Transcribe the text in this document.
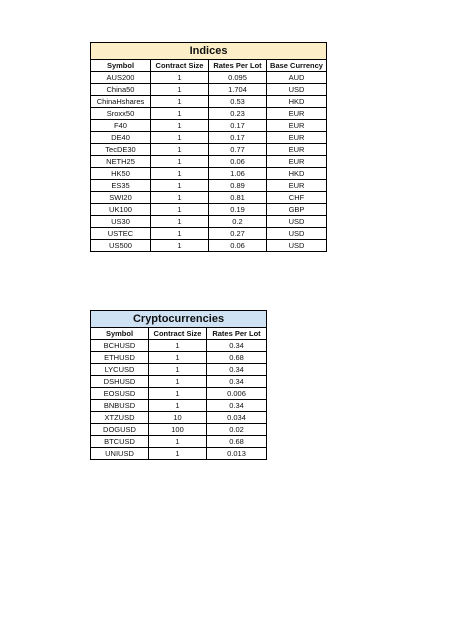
Indices			
Symbol	Contract Size	Rates Per Lot	Base Currency
AUS200	1	0.095	AUD
China50	1	1.704	USD
ChinaHshares	1	0.53	HKD
Sroxx50	1	0.23	EUR
F40	1	0.17	EUR
DE40	1	0.17	EUR
TecDE30	1	0.77	EUR
NETH25	1	0.06	EUR
HK50	1	1.06	HKD
ES35	1	0.89	EUR
SWI20	1	0.81	CHF
UK100	1	0.19	GBP
US30	1	0.2	USD
USTEC	1	0.27	USD
US500	1	0.06	USD
Cryptocurrencies		
Symbol	Contract Size	Rates Per Lot
BCHUSD	1	0.34
ETHUSD	1	0.68
LYCUSD	1	0.34
DSHUSD	1	0.34
EOSUSD	1	0.006
BNBUSD	1	0.34
XTZUSD	10	0.034
DOGUSD	100	0.02
BTCUSD	1	0.68
UNIUSD	1	0.013
